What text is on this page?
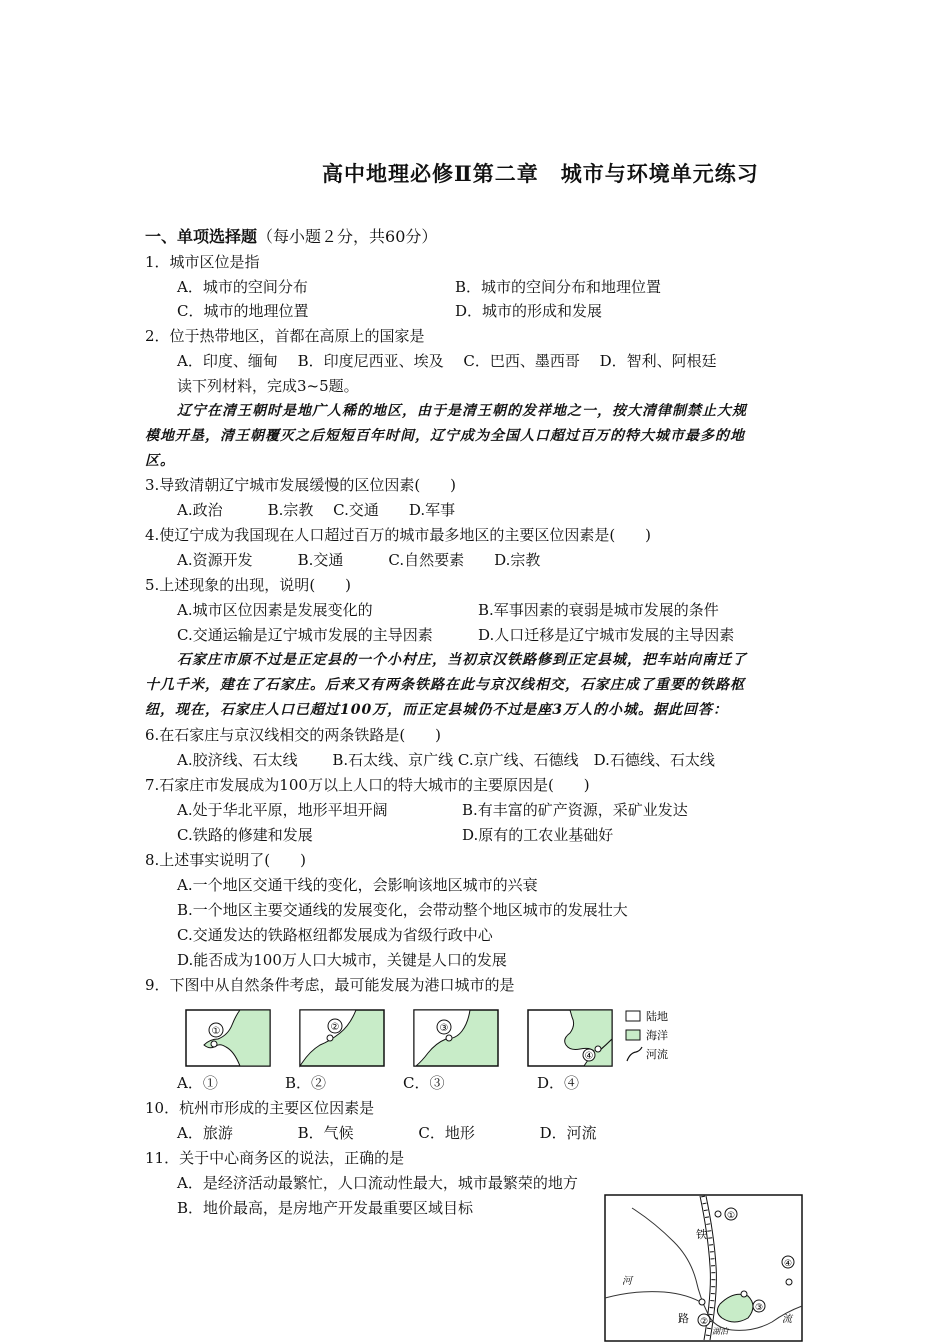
高中地理必修Ⅱ第二章　城市与环境单元练习
一、单项选择题（每小题２分，共60分）
1．城市区位是指
A．城市的空间分布	B．城市的空间分布和地理位置
C．城市的地理位置	D．城市的形成和发展
2．位于热带地区，首都在高原上的国家是
A．印度、缅甸　 B．印度尼西亚、埃及　 C．巴西、墨西哥　 D．智利、阿根廷
读下列材料，完成3~5题。
辽宁在清王朝时是地广人稀的地区，由于是清王朝的发祥地之一，按大清律制禁止大规
模地开垦，清王朝覆灭之后短短百年时间，辽宁成为全国人口超过百万的特大城市最多的地
区。
3.导致清朝辽宁城市发展缓慢的区位因素(　　)
A.政治　　　B.宗教　 C.交通　　D.军事
4.使辽宁成为我国现在人口超过百万的城市最多地区的主要区位因素是(　　)
A.资源开发　　　B.交通　　　C.自然要素　　D.宗教
5.上述现象的出现，说明(　　)
A.城市区位因素是发展变化的	B.军事因素的衰弱是城市发展的条件
C.交通运输是辽宁城市发展的主导因素	D.人口迁移是辽宁城市发展的主导因素
石家庄市原不过是正定县的一个小村庄，当初京汉铁路修到正定县城，把车站向南迁了
十几千米，建在了石家庄。后来又有两条铁路在此与京汉线相交，石家庄成了重要的铁路枢
纽，现在，石家庄人口已超过100万，而正定县城仍不过是座3万人的小城。据此回答：
6.在石家庄与京汉线相交的两条铁路是(　　)
A.胶济线、石太线　　 B.石太线、京广线 C.京广线、石德线　D.石德线、石太线
7.石家庄市发展成为100万以上人口的特大城市的主要原因是(　　)
A.处于华北平原，地形平坦开阔	B.有丰富的矿产资源，采矿业发达
C.铁路的修建和发展	D.原有的工农业基础好
8.上述事实说明了(　　)
A.一个地区交通干线的变化，会影响该地区城市的兴衰
B.一个地区主要交通线的发展变化，会带动整个地区城市的发展壮大
C.交通发达的铁路枢纽都发展成为省级行政中心
D.能否成为100万人口大城市，关键是人口的发展
9．下图中从自然条件考虑，最可能发展为港口城市的是
①	②	③
④
陆地
海洋
河流
A．①	B．②	C．③	D．④
10．杭州市形成的主要区位因素是
A．旅游　　　　 B．气候　　　　 C．地形　　　　 D．河流
11．关于中心商务区的说法，正确的是
A．是经济活动最繁忙，人口流动性最大，城市最繁荣的地方
B．地价最高，是房地产开发最重要区域目标	①
②
③
④
铁
路
河
流
湖泊
